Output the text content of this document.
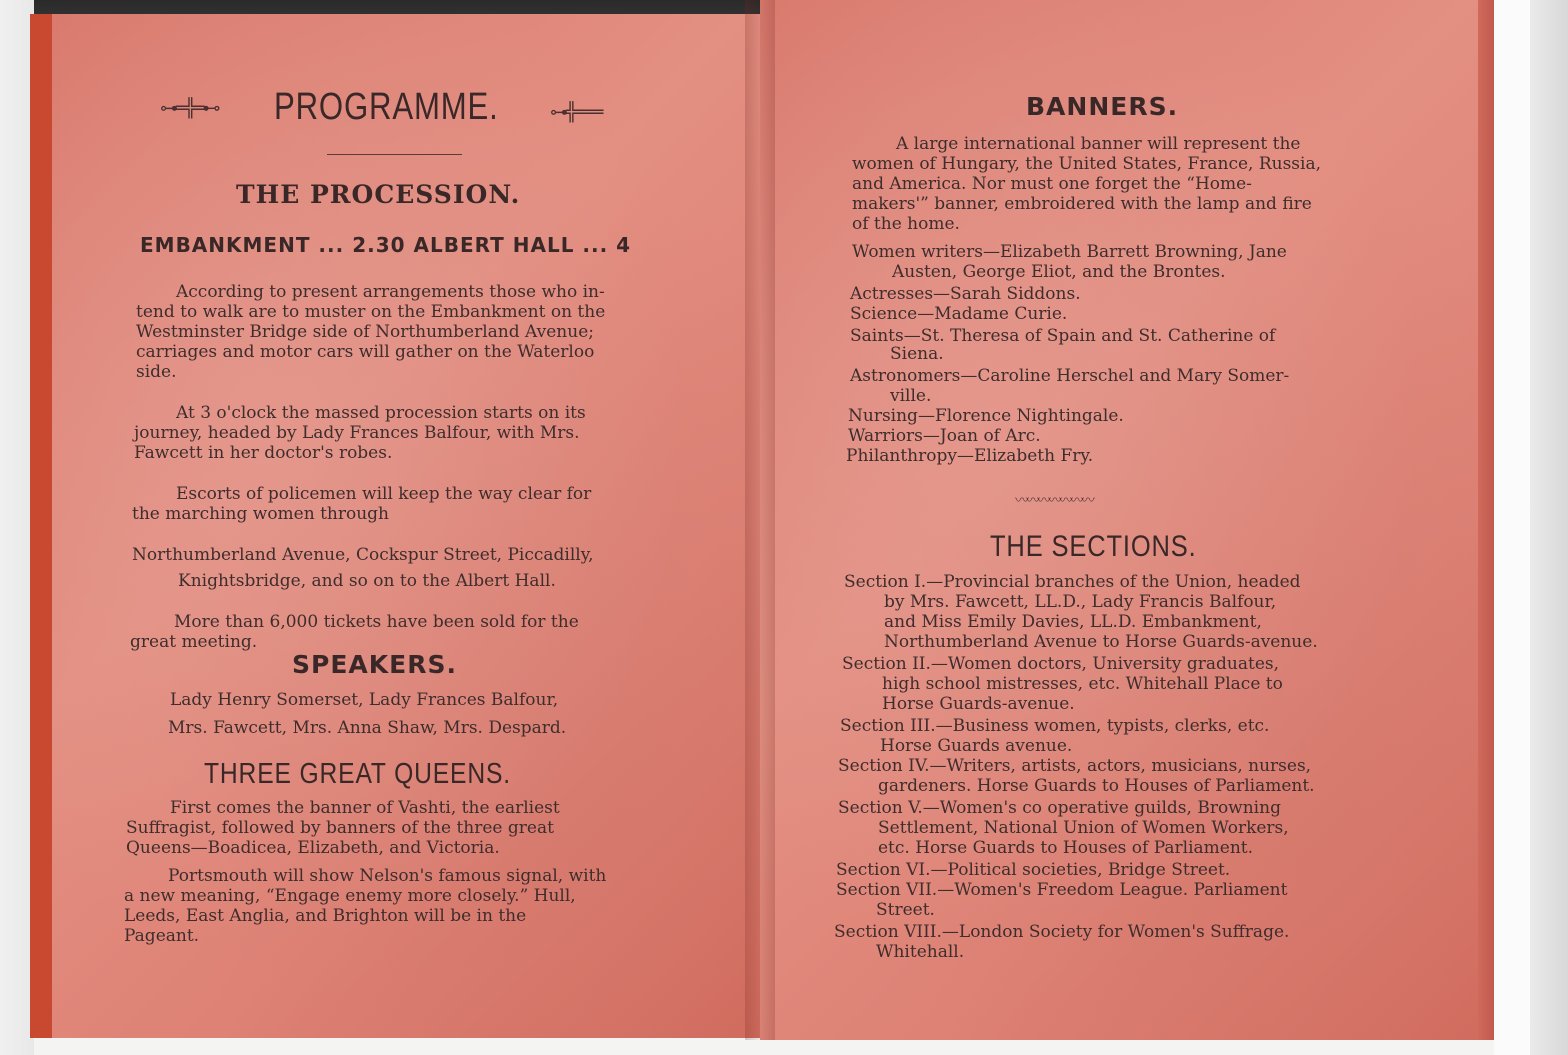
⊶═╬═⊷	⊶╬═══
PROGRAMME.
THE PROCESSION.
EMBANKMENT ... 2.30 ALBERT HALL ... 4
According to present arrangements those who in-
tend to walk are to muster on the Embankment on the
Westminster Bridge side of Northumberland Avenue;
carriages and motor cars will gather on the Waterloo
side.
At 3 o'clock the massed procession starts on its
journey, headed by Lady Frances Balfour, with Mrs.
Fawcett in her doctor's robes.
Escorts of policemen will keep the way clear for
the marching women through
Northumberland Avenue, Cockspur Street, Piccadilly,
Knightsbridge, and so on to the Albert Hall.
More than 6,000 tickets have been sold for the
great meeting.
SPEAKERS.
Lady Henry Somerset, Lady Frances Balfour,
Mrs. Fawcett, Mrs. Anna Shaw, Mrs. Despard.
THREE GREAT QUEENS.
First comes the banner of Vashti, the earliest
Suffragist, followed by banners of the three great
Queens—Boadicea, Elizabeth, and Victoria.
Portsmouth will show Nelson's famous signal, with
a new meaning, “Engage enemy more closely.” Hull,
Leeds, East Anglia, and Brighton will be in the
Pageant.
BANNERS.
A large international banner will represent the
women of Hungary, the United States, France, Russia,
and America. Nor must one forget the “Home-
makers'” banner, embroidered with the lamp and fire
of the home.
Women writers—Elizabeth Barrett Browning, Jane
Austen, George Eliot, and the Brontes.
Actresses—Sarah Siddons.
Science—Madame Curie.
Saints—St. Theresa of Spain and St. Catherine of
Siena.
Astronomers—Caroline Herschel and Mary Somer-
ville.
Nursing—Florence Nightingale.
Warriors—Joan of Arc.
Philanthropy—Elizabeth Fry.
〰〰〰〰〰〰〰
THE SECTIONS.
Section I.—Provincial branches of the Union, headed
by Mrs. Fawcett, LL.D., Lady Francis Balfour,
and Miss Emily Davies, LL.D. Embankment,
Northumberland Avenue to Horse Guards-avenue.
Section II.—Women doctors, University graduates,
high school mistresses, etc. Whitehall Place to
Horse Guards-avenue.
Section III.—Business women, typists, clerks, etc.
Horse Guards avenue.
Section IV.—Writers, artists, actors, musicians, nurses,
gardeners. Horse Guards to Houses of Parliament.
Section V.—Women's co operative guilds, Browning
Settlement, National Union of Women Workers,
etc. Horse Guards to Houses of Parliament.
Section VI.—Political societies, Bridge Street.
Section VII.—Women's Freedom League. Parliament
Street.
Section VIII.—London Society for Women's Suffrage.
Whitehall.
